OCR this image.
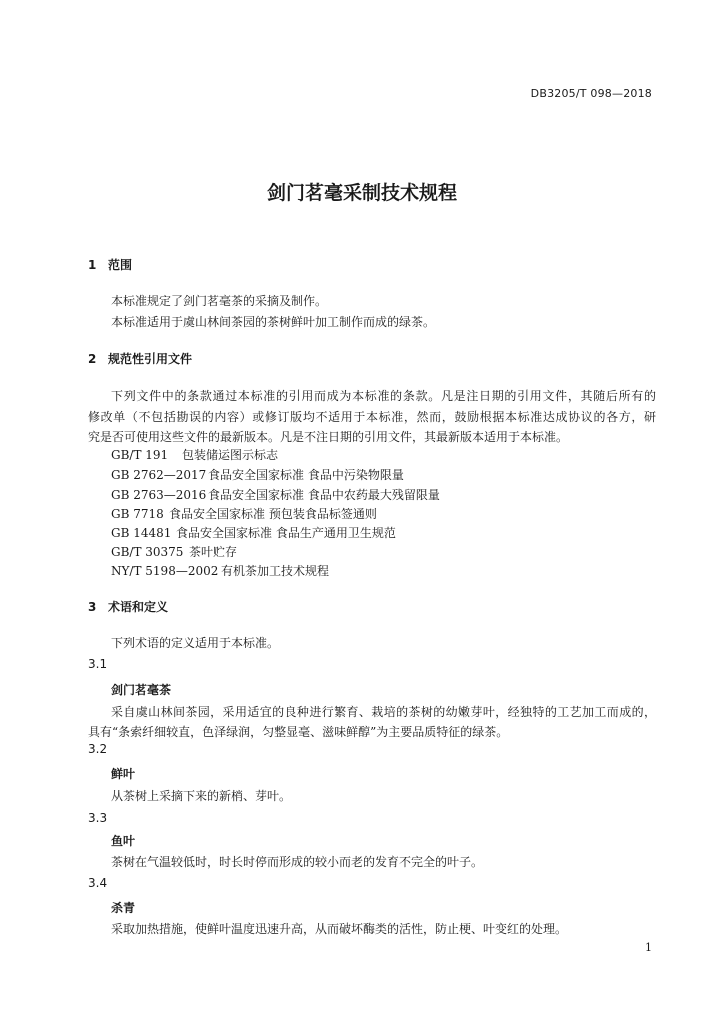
DB3205/T 098—2018
剑门茗毫采制技术规程
1 范围
本标准规定了剑门茗毫茶的采摘及制作。
本标准适用于虞山林间茶园的茶树鲜叶加工制作而成的绿茶。
2 规范性引用文件
下列文件中的条款通过本标准的引用而成为本标准的条款。凡是注日期的引用文件，其随后所有的
修改单（不包括勘误的内容）或修订版均不适用于本标准，然而，鼓励根据本标准达成协议的各方，研
究是否可使用这些文件的最新版本。凡是不注日期的引用文件，其最新版本适用于本标准。
GB/T 191 包装储运图示标志
GB 2762—2017 食品安全国家标准 食品中污染物限量
GB 2763—2016 食品安全国家标准 食品中农药最大残留限量
GB 7718 食品安全国家标准 预包装食品标签通则
GB 14481 食品安全国家标准 食品生产通用卫生规范
GB/T 30375 茶叶贮存
NY/T 5198—2002 有机茶加工技术规程
3 术语和定义
下列术语的定义适用于本标准。
3.1
剑门茗毫茶
采自虞山林间茶园，采用适宜的良种进行繁育、栽培的茶树的幼嫩芽叶，经独特的工艺加工而成的，
具有“条索纤细较直，色泽绿润，匀整显毫、滋味鲜醇”为主要品质特征的绿茶。
3.2
鲜叶
从茶树上采摘下来的新梢、芽叶。
3.3
鱼叶
茶树在气温较低时，时长时停而形成的较小而老的发育不完全的叶子。
3.4
杀青
采取加热措施，使鲜叶温度迅速升高，从而破坏酶类的活性，防止梗、叶变红的处理。
1
